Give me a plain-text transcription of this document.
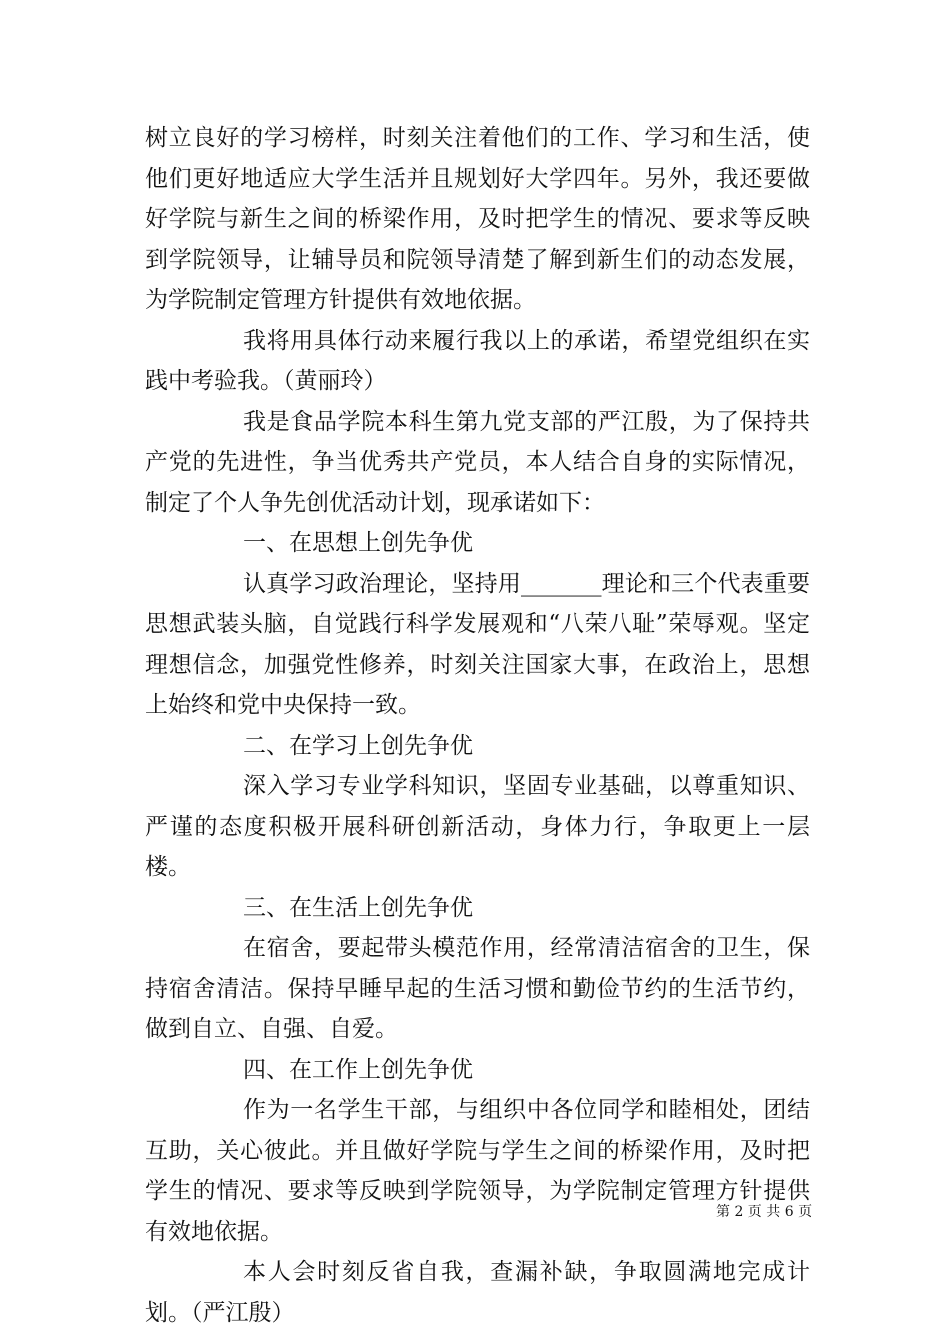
树立良好的学习榜样，时刻关注着他们的工作、学习和生活，使他们更好地适应大学生活并且规划好大学四年。另外，我还要做好学院与新生之间的桥梁作用，及时把学生的情况、要求等反映到学院领导，让辅导员和院领导清楚了解到新生们的动态发展，为学院制定管理方针提供有效地依据。

我将用具体行动来履行我以上的承诺，希望党组织在实践中考验我。（黄丽玲）

我是食品学院本科生第九党支部的严江殷，为了保持共产党的先进性，争当优秀共产党员，本人结合自身的实际情况，制定了个人争先创优活动计划，现承诺如下：

一、在思想上创先争优

认真学习政治理论，坚持用_______理论和三个代表重要思想武装头脑，自觉践行科学发展观和“八荣八耻”荣辱观。坚定理想信念，加强党性修养，时刻关注国家大事，在政治上，思想上始终和党中央保持一致。

二、在学习上创先争优

深入学习专业学科知识，坚固专业基础，以尊重知识、严谨的态度积极开展科研创新活动，身体力行，争取更上一层楼。

三、在生活上创先争优

在宿舍，要起带头模范作用，经常清洁宿舍的卫生，保持宿舍清洁。保持早睡早起的生活习惯和勤俭节约的生活节约，做到自立、自强、自爱。

四、在工作上创先争优

作为一名学生干部，与组织中各位同学和睦相处，团结互助，关心彼此。并且做好学院与学生之间的桥梁作用，及时把学生的情况、要求等反映到学院领导，为学院制定管理方针提供有效地依据。

本人会时刻反省自我，查漏补缺，争取圆满地完成计划。（严江殷）

第 2 页 共 6 页
